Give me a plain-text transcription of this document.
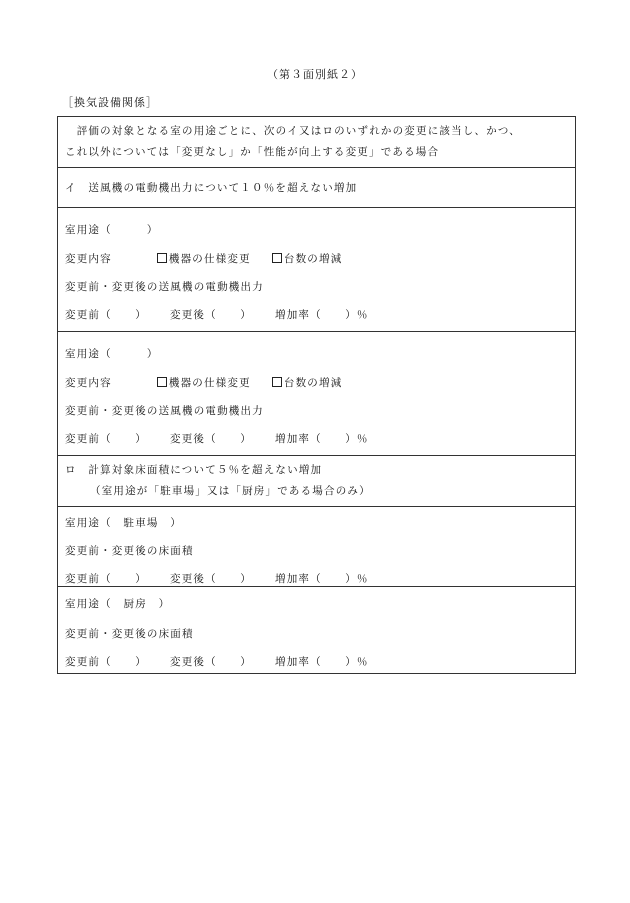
（第３面別紙２）
［換気設備関係］
　評価の対象となる室の用途ごとに、次のイ又はロのいずれかの変更に該当し、かつ、
これ以外については「変更なし」か「性能が向上する変更」である場合
イ　送風機の電動機出力について１０％を超えない増加
室用途（　　　）
変更内容	機器の仕様変更	台数の増減
変更前・変更後の送風機の電動機出力
変更前（　　） 変更後（　　） 増加率（　　）％
室用途（　　　）
変更内容	機器の仕様変更	台数の増減
変更前・変更後の送風機の電動機出力
変更前（　　） 変更後（　　） 増加率（　　）％
ロ　計算対象床面積について５％を超えない増加
（室用途が「駐車場」又は「厨房」である場合のみ）
室用途（　駐車場　）
変更前・変更後の床面積
変更前（　　） 変更後（　　） 増加率（　　）％
室用途（　厨房　）
変更前・変更後の床面積
変更前（　　） 変更後（　　） 増加率（　　）％
